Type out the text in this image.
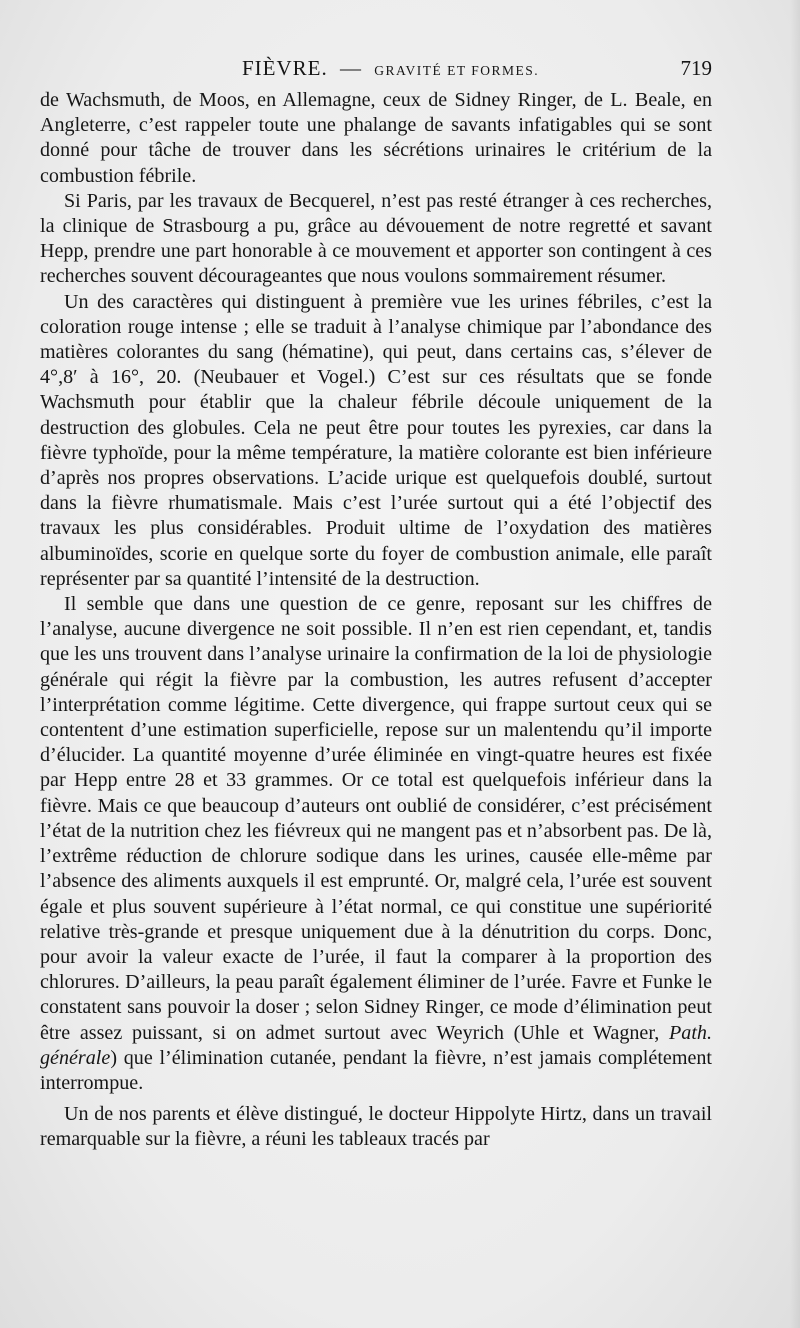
FIÈVRE. — GRAVITÉ ET FORMES.	719

de Wachsmuth, de Moos, en Allemagne, ceux de Sidney Ringer, de L. Beale, en Angleterre, c’est rappeler toute une phalange de savants infatigables qui se sont donné pour tâche de trouver dans les sécrétions urinaires le critérium de la combustion fébrile.

Si Paris, par les travaux de Becquerel, n’est pas resté étranger à ces recherches, la clinique de Strasbourg a pu, grâce au dévouement de notre regretté et savant Hepp, prendre une part honorable à ce mouvement et apporter son contingent à ces recherches souvent décourageantes que nous voulons sommairement résumer.

Un des caractères qui distinguent à première vue les urines fébriles, c’est la coloration rouge intense ; elle se traduit à l’analyse chimique par l’abondance des matières colorantes du sang (hématine), qui peut, dans certains cas, s’élever de 4°,8′ à 16°, 20. (Neubauer et Vogel.) C’est sur ces résultats que se fonde Wachsmuth pour établir que la chaleur fébrile découle uniquement de la destruction des globules. Cela ne peut être pour toutes les pyrexies, car dans la fièvre typhoïde, pour la même température, la matière colorante est bien inférieure d’après nos propres observations. L’acide urique est quelquefois doublé, surtout dans la fièvre rhumatismale. Mais c’est l’urée surtout qui a été l’objectif des travaux les plus considérables. Produit ultime de l’oxydation des matières albuminoïdes, scorie en quelque sorte du foyer de combustion animale, elle paraît représenter par sa quantité l’intensité de la destruction.

Il semble que dans une question de ce genre, reposant sur les chiffres de l’analyse, aucune divergence ne soit possible. Il n’en est rien cependant, et, tandis que les uns trouvent dans l’analyse urinaire la confirmation de la loi de physiologie générale qui régit la fièvre par la combustion, les autres refusent d’accepter l’interprétation comme légitime. Cette divergence, qui frappe surtout ceux qui se contentent d’une estimation superficielle, repose sur un malentendu qu’il importe d’élucider. La quantité moyenne d’urée éliminée en vingt-quatre heures est fixée par Hepp entre 28 et 33 grammes. Or ce total est quelquefois inférieur dans la fièvre. Mais ce que beaucoup d’auteurs ont oublié de considérer, c’est précisément l’état de la nutrition chez les fiévreux qui ne mangent pas et n’absorbent pas. De là, l’extrême réduction de chlorure sodique dans les urines, causée elle-même par l’absence des aliments auxquels il est emprunté. Or, malgré cela, l’urée est souvent égale et plus souvent supérieure à l’état normal, ce qui constitue une supériorité relative très-grande et presque uniquement due à la dénutrition du corps. Donc, pour avoir la valeur exacte de l’urée, il faut la comparer à la proportion des chlorures. D’ailleurs, la peau paraît également éliminer de l’urée. Favre et Funke le constatent sans pouvoir la doser ; selon Sidney Ringer, ce mode d’élimination peut être assez puissant, si on admet surtout avec Weyrich (Uhle et Wagner, Path. générale) que l’élimination cutanée, pendant la fièvre, n’est jamais complétement interrompue.

Un de nos parents et élève distingué, le docteur Hippolyte Hirtz, dans un travail remarquable sur la fièvre, a réuni les tableaux tracés par
